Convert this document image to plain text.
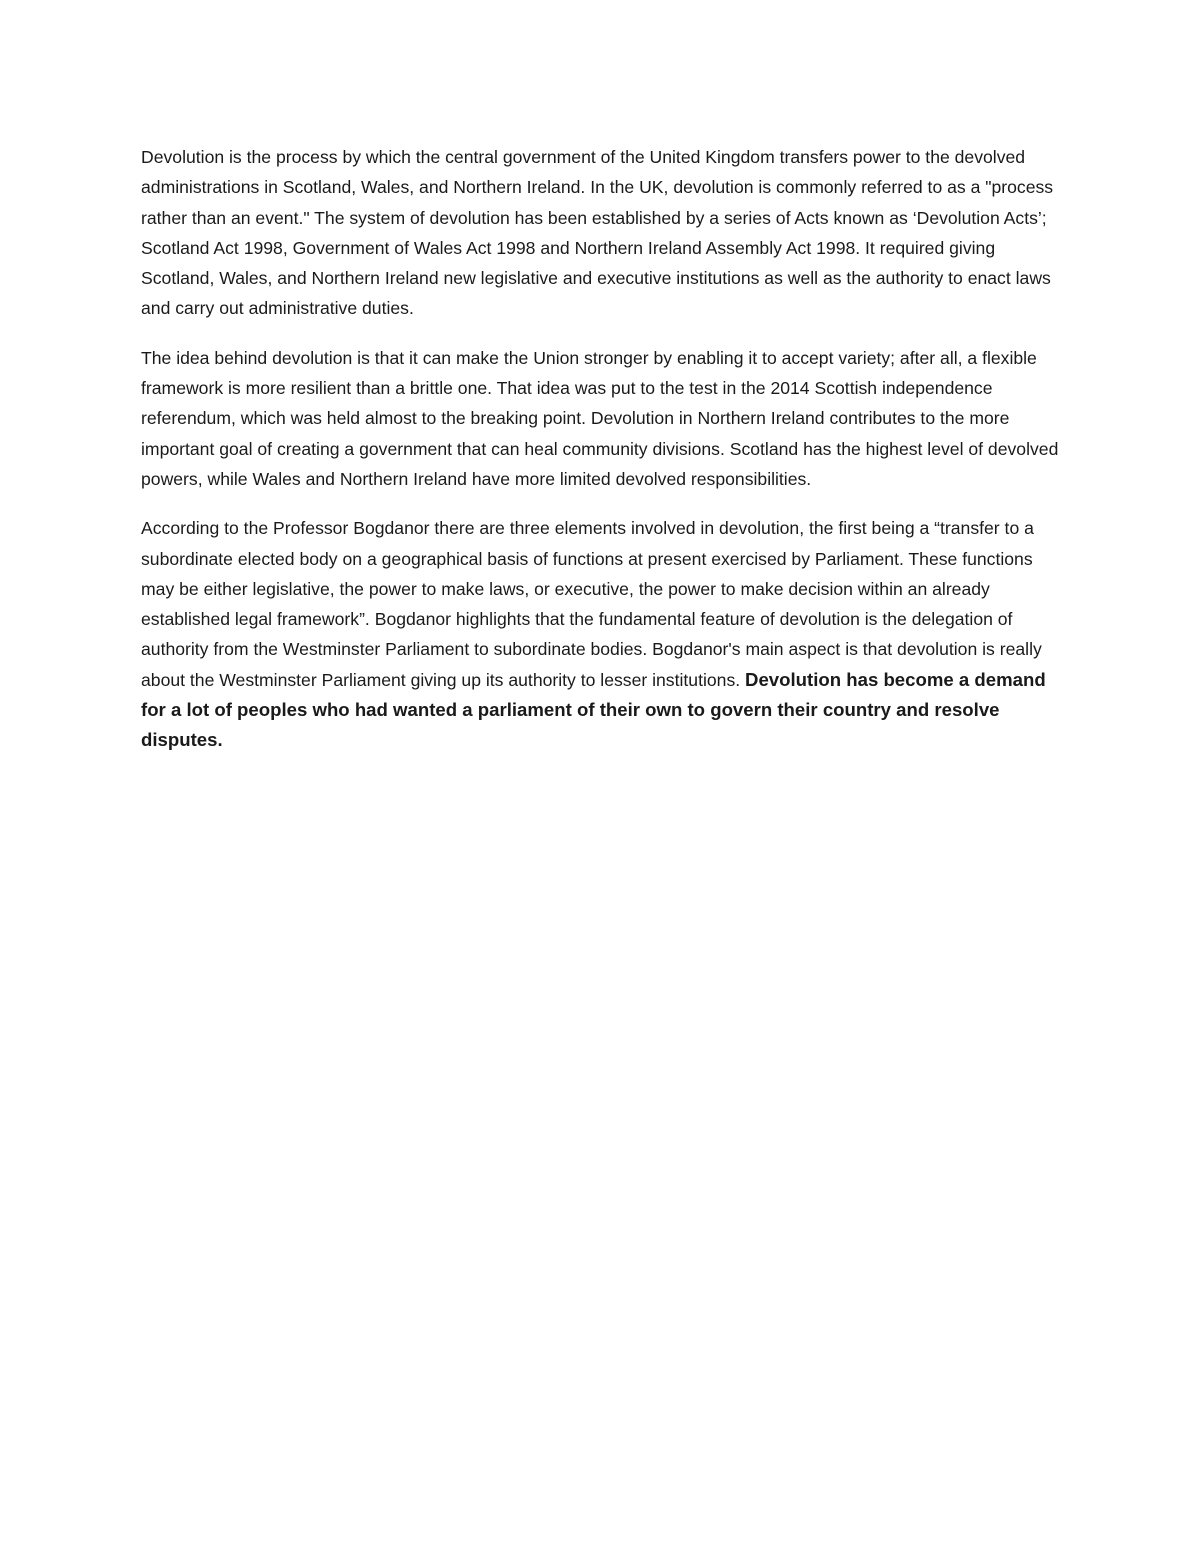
Devolution is the process by which the central government of the United Kingdom transfers power to the devolved administrations in Scotland, Wales, and Northern Ireland. In the UK, devolution is commonly referred to as a "process rather than an event." The system of devolution has been established by a series of Acts known as ‘Devolution Acts’; Scotland Act 1998, Government of Wales Act 1998 and Northern Ireland Assembly Act 1998. It required giving Scotland, Wales, and Northern Ireland new legislative and executive institutions as well as the authority to enact laws and carry out administrative duties.

The idea behind devolution is that it can make the Union stronger by enabling it to accept variety; after all, a flexible framework is more resilient than a brittle one. That idea was put to the test in the 2014 Scottish independence referendum, which was held almost to the breaking point. Devolution in Northern Ireland contributes to the more important goal of creating a government that can heal community divisions. Scotland has the highest level of devolved powers, while Wales and Northern Ireland have more limited devolved responsibilities.

According to the Professor Bogdanor there are three elements involved in devolution, the first being a “transfer to a subordinate elected body on a geographical basis of functions at present exercised by Parliament. These functions may be either legislative, the power to make laws, or executive, the power to make decision within an already established legal framework”. Bogdanor highlights that the fundamental feature of devolution is the delegation of authority from the Westminster Parliament to subordinate bodies. Bogdanor's main aspect is that devolution is really about the Westminster Parliament giving up its authority to lesser institutions. Devolution has become a demand for a lot of peoples who had wanted a parliament of their own to govern their country and resolve disputes.
